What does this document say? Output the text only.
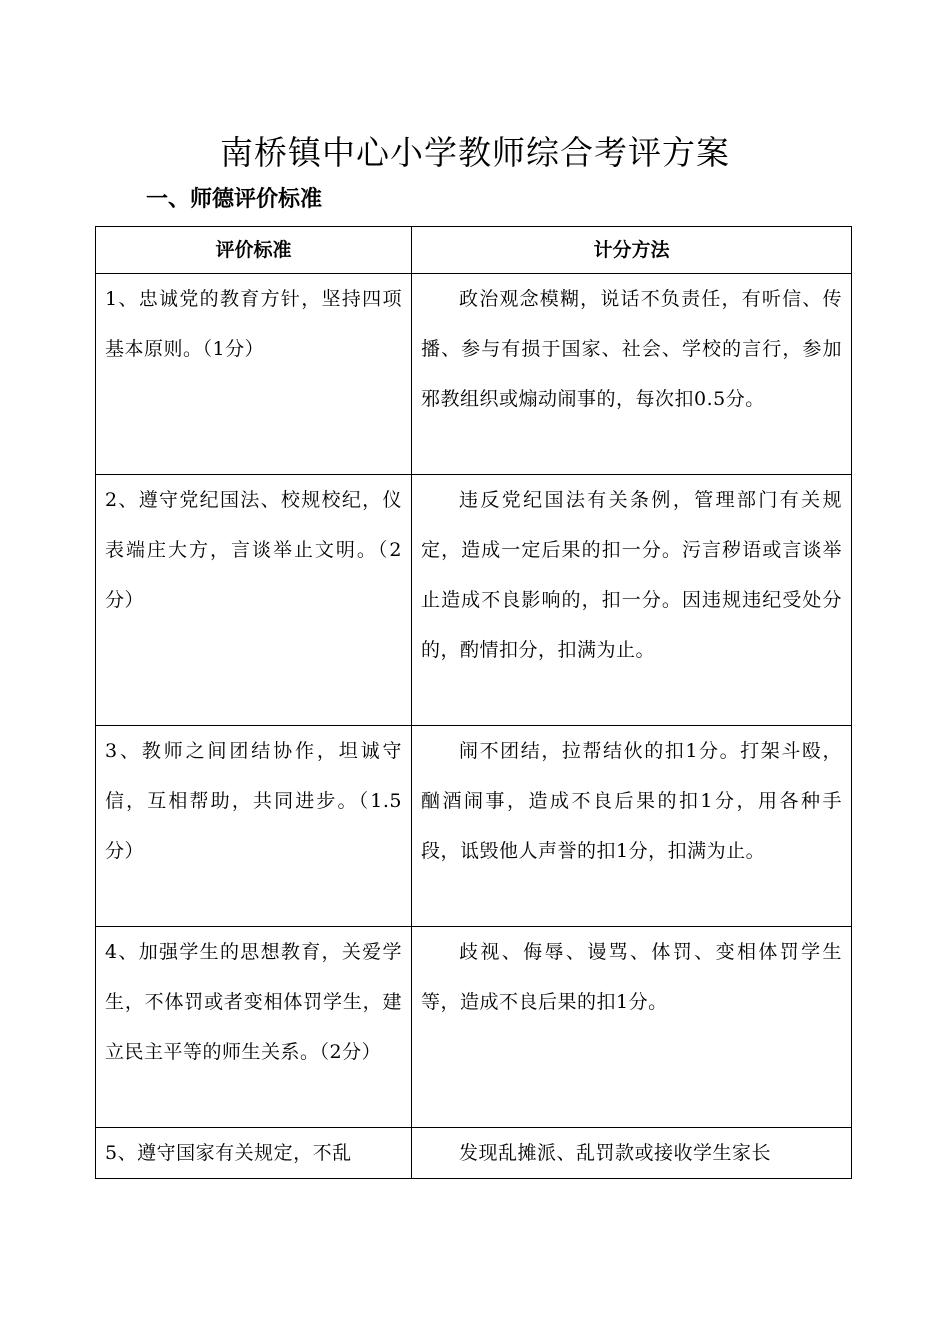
南桥镇中心小学教师综合考评方案
一、师德评价标准
评价标准	计分方法
1、忠诚党的教育方针，坚持四项基本原则。（1分）	政治观念模糊，说话不负责任，有听信、传播、参与有损于国家、社会、学校的言行，参加邪教组织或煽动闹事的，每次扣0.5分。
2、遵守党纪国法、校规校纪，仪表端庄大方，言谈举止文明。（2分）	违反党纪国法有关条例，管理部门有关规定，造成一定后果的扣一分。污言秽语或言谈举止造成不良影响的，扣一分。因违规违纪受处分的，酌情扣分，扣满为止。
3、教师之间团结协作，坦诚守信，互相帮助，共同进步。（1.5分）	闹不团结，拉帮结伙的扣1分。打架斗殴，酗酒闹事，造成不良后果的扣1分，用各种手段，诋毁他人声誉的扣1分，扣满为止。
4、加强学生的思想教育，关爱学生，不体罚或者变相体罚学生，建立民主平等的师生关系。（2分）	歧视、侮辱、谩骂、体罚、变相体罚学生等，造成不良后果的扣1分。
5、遵守国家有关规定，不乱	发现乱摊派、乱罚款或接收学生家长
